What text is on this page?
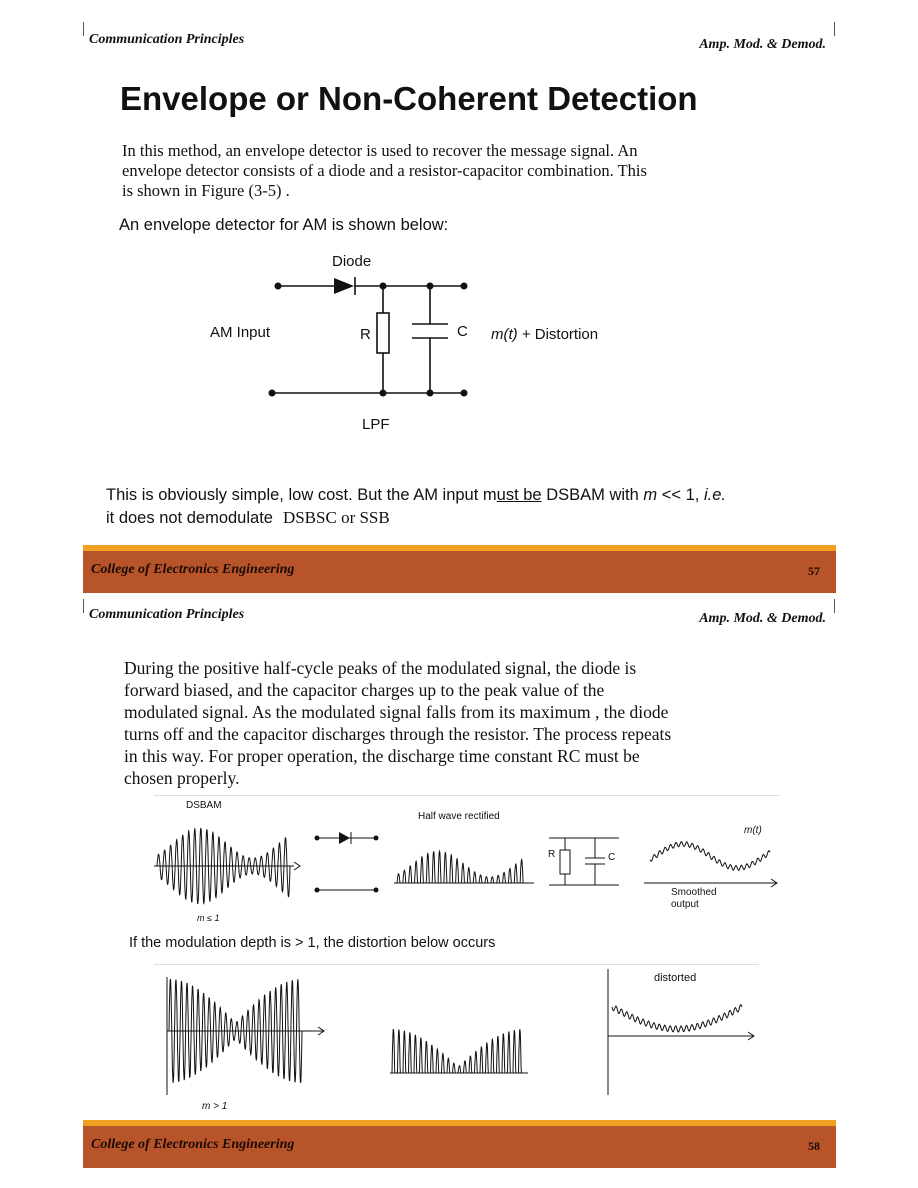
Communication Principles	Amp. Mod. & Demod.
Envelope or Non-Coherent Detection
In this method, an envelope detector is used to recover the message signal. An
envelope detector consists of a diode and a resistor-capacitor combination. This
is shown in Figure (3-5) .
An envelope detector for AM is shown below:
Diode
AM Input	R	C m(t) + Distortion
LPF
This is obviously simple, low cost. But the AM input must be DSBAM with m << 1, i.e.
it does not demodulate DSBSC or SSB
College of Electronics Engineering	57
Communication Principles	Amp. Mod. & Demod.
During the positive half-cycle peaks of the modulated signal, the diode is
forward biased, and the capacitor charges up to the peak value of the
modulated signal. As the modulated signal falls from its maximum , the diode
turns off and the capacitor discharges through the resistor. The process repeats
in this way. For proper operation, the discharge time constant RC must be
chosen properly.
DSBAM
Half wave rectified
R	C
m(t)
Smoothed
output
m ≤ 1
If the modulation depth is > 1, the distortion below occurs
distorted
m > 1
College of Electronics Engineering	58
